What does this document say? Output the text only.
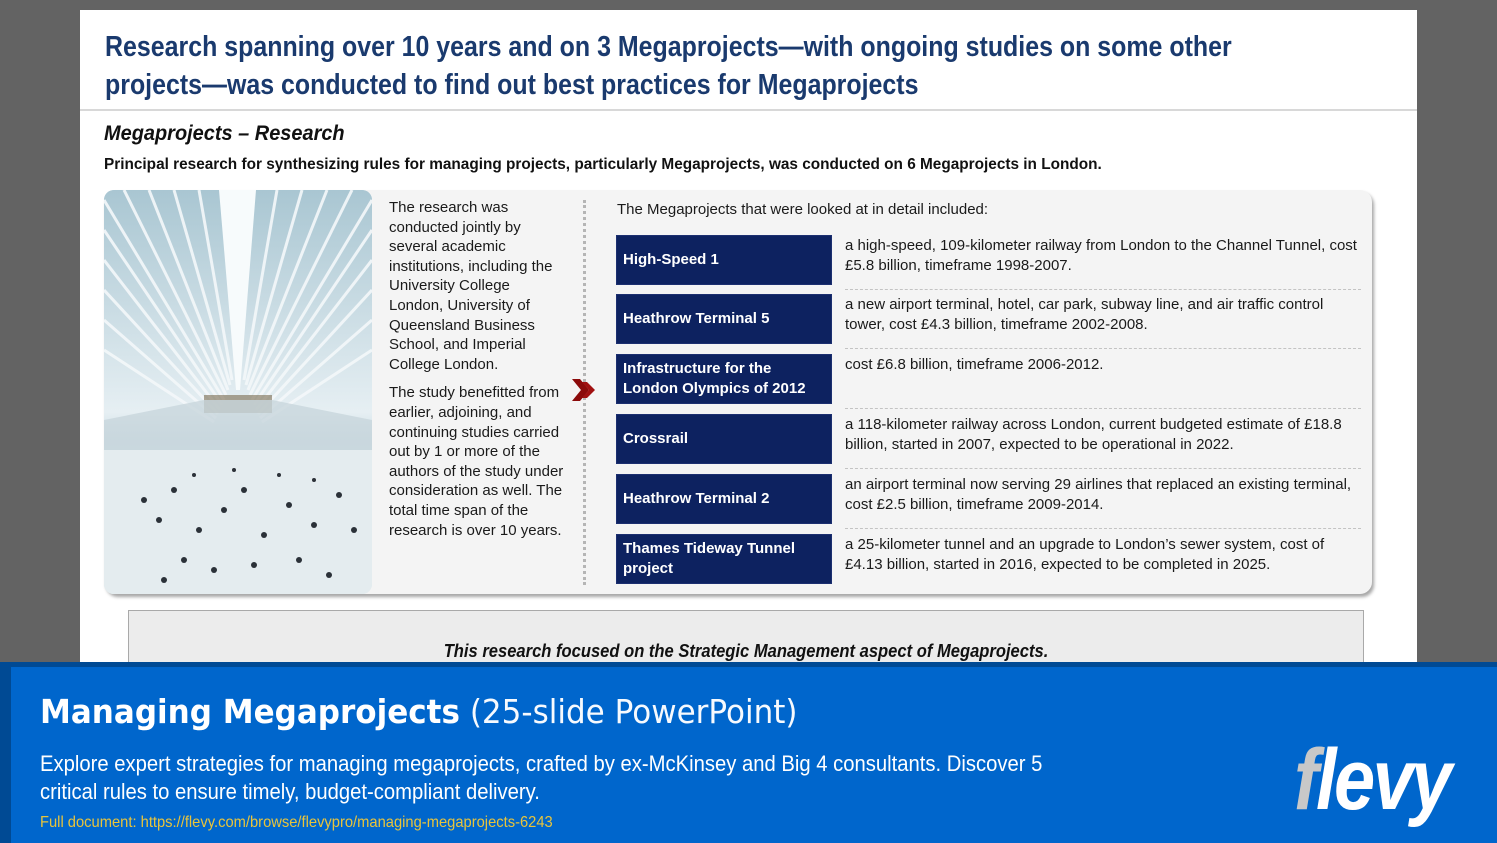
Research spanning over 10 years and on 3 Megaprojects—with ongoing studies on some other
projects—was conducted to find out best practices for Megaprojects
Megaprojects – Research
Principal research for synthesizing rules for managing projects, particularly Megaprojects, was conducted on 6 Megaprojects in London.

The research was conducted jointly by several academic institutions, including the University College London, University of Queensland Business School, and Imperial College London.

The study benefitted from earlier, adjoining, and continuing studies carried out by 1 or more of the authors of the study under consideration as well. The total time span of the research is over 10 years.

The Megaprojects that were looked at in detail included:
High-Speed 1
a high-speed, 109-kilometer railway from London to the Channel Tunnel, cost £5.8 billion, timeframe 1998-2007.
Heathrow Terminal 5
a new airport terminal, hotel, car park, subway line, and air traffic control tower, cost £4.3 billion, timeframe 2002-2008.
Infrastructure for the London Olympics of 2012
cost £6.8 billion, timeframe 2006-2012.
Crossrail
a 118-kilometer railway across London, current budgeted estimate of £18.8 billion, started in 2007, expected to be operational in 2022.
Heathrow Terminal 2
an airport terminal now serving 29 airlines that replaced an existing terminal, cost £2.5 billion, timeframe 2009-2014.
Thames Tideway Tunnel project
a 25-kilometer tunnel and an upgrade to London’s sewer system, cost of £4.13 billion, started in 2016, expected to be completed in 2025.
This research focused on the Strategic Management aspect of Megaprojects.
Managing Megaprojects (25-slide PowerPoint)
Explore expert strategies for managing megaprojects, crafted by ex-McKinsey and Big 4 consultants. Discover 5 critical rules to ensure timely, budget-compliant delivery.
Full document: https://flevy.com/browse/flevypro/managing-megaprojects-6243	flevy
